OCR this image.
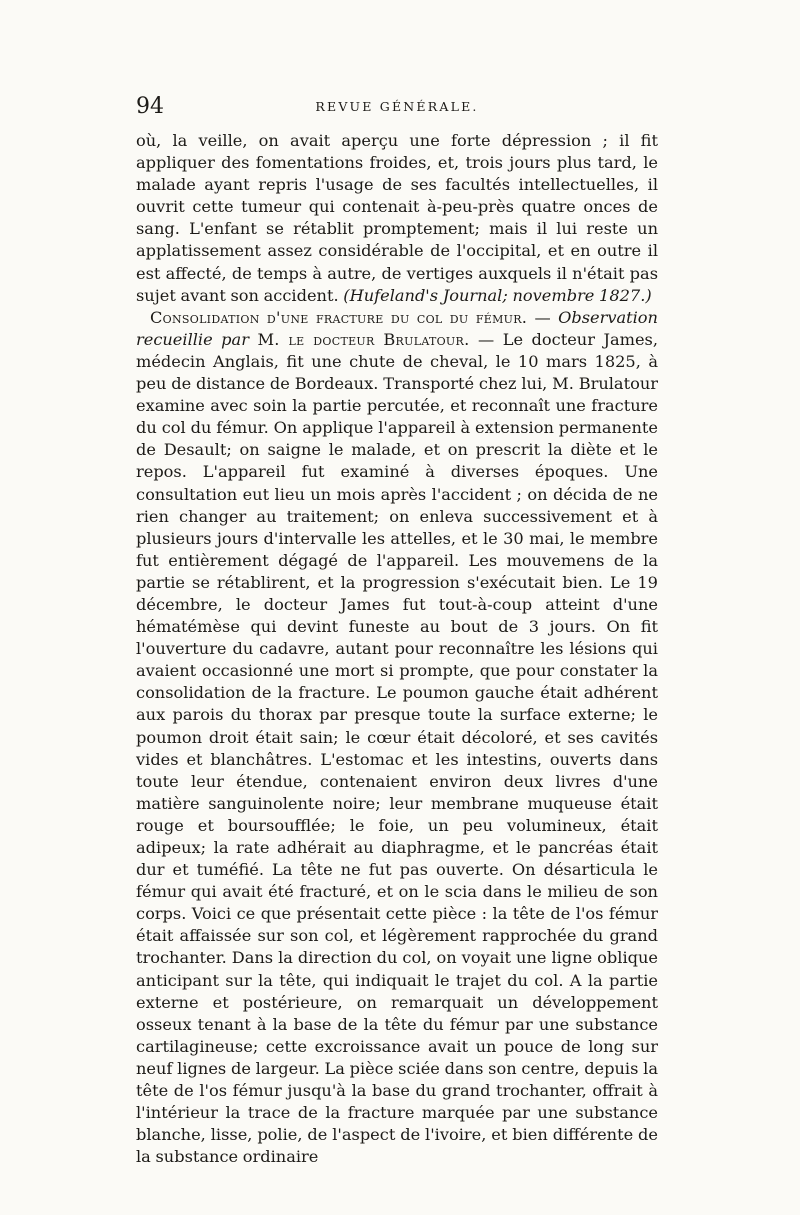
94	REVUE GÉNÉRALE.

où, la veille, on avait aperçu une forte dépression ; il fit appliquer des fomentations froides, et, trois jours plus tard, le malade ayant repris l'usage de ses facultés intellectuelles, il ouvrit cette tumeur qui contenait à-peu-près quatre onces de sang. L'enfant se rétablit promptement; mais il lui reste un applatissement assez considérable de l'occipital, et en outre il est affecté, de temps à autre, de vertiges auxquels il n'était pas sujet avant son accident. (Hufeland's Journal; novembre 1827.)

Consolidation d'une fracture du col du fémur. — Observation recueillie par M. le docteur Brulatour. — Le docteur James, médecin Anglais, fit une chute de cheval, le 10 mars 1825, à peu de distance de Bordeaux. Transporté chez lui, M. Brulatour examine avec soin la partie percutée, et reconnaît une fracture du col du fémur. On applique l'appareil à extension permanente de Desault; on saigne le malade, et on prescrit la diète et le repos. L'appareil fut examiné à diverses époques. Une consultation eut lieu un mois après l'accident ; on décida de ne rien changer au traitement; on enleva successivement et à plusieurs jours d'intervalle les attelles, et le 30 mai, le membre fut entièrement dégagé de l'appareil. Les mouvemens de la partie se rétablirent, et la progression s'exécutait bien. Le 19 décembre, le docteur James fut tout-à-coup atteint d'une hématémèse qui devint funeste au bout de 3 jours. On fit l'ouverture du cadavre, autant pour reconnaître les lésions qui avaient occasionné une mort si prompte, que pour constater la consolidation de la fracture. Le poumon gauche était adhérent aux parois du thorax par presque toute la surface externe; le poumon droit était sain; le cœur était décoloré, et ses cavités vides et blanchâtres. L'estomac et les intestins, ouverts dans toute leur étendue, contenaient environ deux livres d'une matière sanguinolente noire; leur membrane muqueuse était rouge et boursoufflée; le foie, un peu volumineux, était adipeux; la rate adhérait au diaphragme, et le pancréas était dur et tuméfié. La tête ne fut pas ouverte. On désarticula le fémur qui avait été fracturé, et on le scia dans le milieu de son corps. Voici ce que présentait cette pièce : la tête de l'os fémur était affaissée sur son col, et légèrement rapprochée du grand trochanter. Dans la direction du col, on voyait une ligne oblique anticipant sur la tête, qui indiquait le trajet du col. A la partie externe et postérieure, on remarquait un développement osseux tenant à la base de la tête du fémur par une substance cartilagineuse; cette excroissance avait un pouce de long sur neuf lignes de largeur. La pièce sciée dans son centre, depuis la tête de l'os fémur jusqu'à la base du grand trochanter, offrait à l'intérieur la trace de la fracture marquée par une substance blanche, lisse, polie, de l'aspect de l'ivoire, et bien différente de la substance ordinaire
